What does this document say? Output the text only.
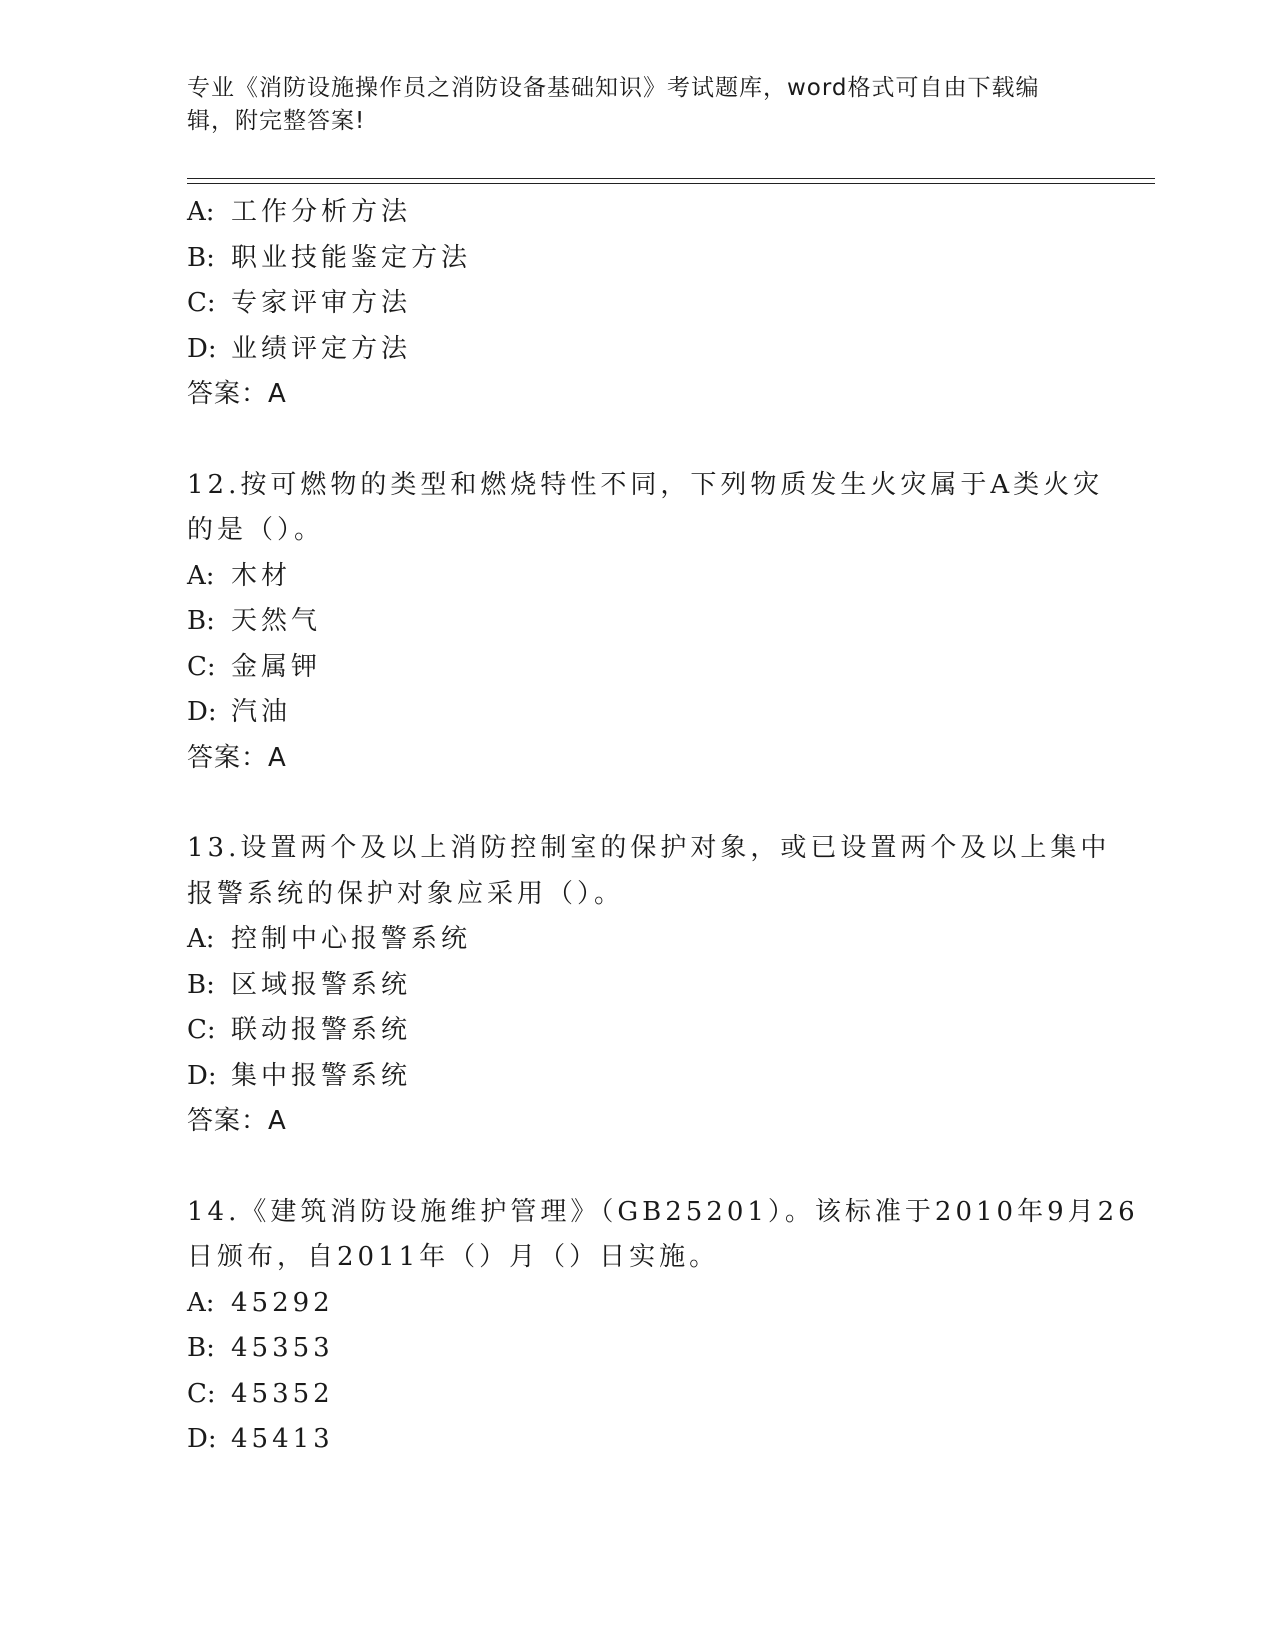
专业《消防设施操作员之消防设备基础知识》考试题库，word格式可自由下载编
辑，附完整答案!
A: 工作分析方法
B: 职业技能鉴定方法
C: 专家评审方法
D: 业绩评定方法
答案：A
12.按可燃物的类型和燃烧特性不同，下列物质发生火灾属于A类火灾
的是（）。
A: 木材
B: 天然气
C: 金属钾
D: 汽油
答案：A
13.设置两个及以上消防控制室的保护对象，或已设置两个及以上集中
报警系统的保护对象应采用（）。
A: 控制中心报警系统
B: 区域报警系统
C: 联动报警系统
D: 集中报警系统
答案：A
14.《建筑消防设施维护管理》（GB25201）。该标准于2010年9月26
日颁布，自2011年（）月（）日实施。
A: 45292
B: 45353
C: 45352
D: 45413
